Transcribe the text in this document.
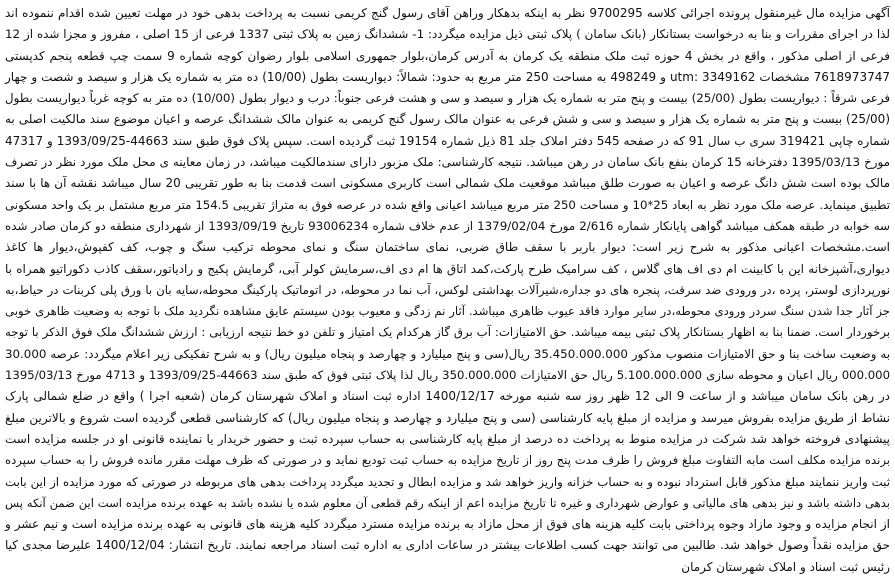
آگهی مزایده مال غیرمنقول پرونده اجرائی کلاسه 9700295 نظر به اینکه بدهکار وراهن آقای رسول گنج کریمی نسبت به پرداخت بدهی خود در مهلت تعیین شده اقدام ننموده اند
لذا در اجرای مقررات و بنا به درخواست بستانکار (بانک سامان ) پلاک ثبتی ذیل مزایده میگردد: 1- ششدانگ زمین به پلاک ثبتی 1337 فرعی از 15 اصلی ، مفروز و مجزا شده از 12
فرعی از اصلی مذکور ، واقع در بخش 4 حوزه ثبت ملک منطقه یک کرمان به آدرس کرمان،بلوار جمهوری اسلامی بلوار رضوان کوچه شماره 9 سمت چپ قطعه پنجم کدپستی
7618973747 مشخصات utm: 3349162 و 498249 به مساحت 250 متر مربع به حدود: شمالاً: دیواریست بطول (10/00) ده متر به شماره یک هزار و سیصد و شصت و چهار
فرعی شرقاً : دیواریست بطول (25/00) بیست و پنج متر به شماره یک هزار و سیصد و سی و هشت فرعی جنوباً: درب و دیوار بطول (10/00) ده متر به کوچه غرباً دیواریست بطول
(25/00) بیست و پنج متر به شماره یک هزار و سیصد و سی و شش فرعی به عنوان مالک رسول گنج کریمی به عنوان مالک ششدانگ عرصه و اعیان موضوع سند مالکیت اصلی به
شماره چاپی 319421 سری ب سال 91 که در صفحه 545 دفتر املاک جلد 81 ذیل شماره 19154 ثبت گردیده است. سپس پلاک فوق طبق سند 44663-1393/09/25 و 47317
مورخ 1395/03/13 دفترخانه 15 کرمان بنفع بانک سامان در رهن میباشد. نتیجه کارشناسی: ملک مزبور دارای سندمالکیت میباشد، در زمان معاینه ی محل ملک مورد نظر در تصرف
مالک بوده است شش دانگ عرصه و اعیان به صورت طلق میباشد موقعیت ملک شمالی است کاربری مسکونی است قدمت بنا به طور تقریبی 20 سال میباشد نقشه آن ها با سند
تطبیق مینماید. عرصه ملک مورد نظر به ابعاد 25*10 و مساحت 250 متر مربع میباشد اعیانی واقع شده در عرصه فوق به متراژ تقریبی 154.5 متر مربع مشتمل بر یک واحد مسکونی
سه خوابه در طبقه همکف میباشد گواهی پایانکار شماره 2/616 مورخ 1379/02/04 از عدم خلاف شماره 93006234 تاریخ 1393/09/19 از شهرداری منطقه دو کرمان صادر شده
است.مشخصات اعیانی مذکور به شرح زیر است: دیوار باربر با سقف طاق ضربی، نمای ساختمان سنگ و نمای محوطه ترکیب سنگ و چوب، کف کفپوش،دیوار ها کاغذ
دیواری،آشپزخانه این با کابینت ام دی اف های گلاس ، کف سرامیک طرح پارکت،کمد اتاق ها ام دی اف،سرمایش کولر آبی، گرمایش پکیج و رادیاتور،سقف کاذب دکوراتیو همراه با
نورپردازی لوستر، پرده ،در ورودی ضد سرقت، پنجره های دو جداره،شیرآلات بهداشتی لوکس، آب نما در محوطه، در اتوماتیک پارکینگ محوطه،سایه بان با ورق پلی کربنات در حیاط،به
جز آثار جدا شدن سنگ سردر ورودی محوطه،در سایر موارد فاقد عیوب ظاهری میباشد. آثار نم زدگی و معیوب بودن سیستم عایق مشاهده نگردید ملک با توجه به وضعیت ظاهری خوبی
برخوردار است. ضمنا بنا به اظهار بستانکار پلاک ثبتی بیمه میباشد. حق الامتیازات: آب برق گاز هرکدام یک امتیاز و تلفن دو خط نتیجه ارزیابی : ارزش ششدانگ ملک فوق الذکر با توجه
به وضعیت ساخت بنا و حق الامتیازات منصوب مذکور 35.450.000.000 ریال(سی و پنج میلیارد و چهارصد و پنجاه میلیون ریال) و به شرح تفکیکی زیر اعلام میگردد: عرصه 30.000
000.000 ریال اعیان و محوطه سازی 5.100.000.000 ریال حق الامتیازات 350.000.000 ریال لذا پلاک ثبتی فوق که طبق سند 44663-1393/09/25 و 4713 مورخ 1395/03/13
در رهن بانک سامان میباشد و از ساعت 9 الی 12 ظهر روز سه شنبه مورخه 1400/12/17 اداره ثبت اسناد و املاک شهرستان کرمان (شعبه اجرا ) واقع در ضلع شمالی پارک
نشاط از طریق مزایده بفروش میرسد و مزایده از مبلغ پایه کارشناسی (سی و پنج میلیارد و چهارصد و پنجاه میلیون ریال) که کارشناسی قطعی گردیده است شروع و بالاترین مبلغ
پیشنهادی فروخته خواهد شد شرکت در مزایده منوط به پرداخت ده درصد از مبلغ پایه کارشناسی به حساب سپرده ثبت و حضور خریدار یا نماینده قانونی او در جلسه مزایده است
برنده مزایده مکلف است مابه التفاوت مبلغ فروش را ظرف مدت پنج روز از تاریخ مزایده به حساب ثبت تودیع نماید و در صورتی که ظرف مهلت مقرر مانده فروش را به حساب سپرده
ثبت واریز ننمایند مبلغ مذکور قابل استرداد نبوده و به حساب خزانه واریز خواهد شد و مزایده ابطال و تجدید میگردد پرداخت بدهی های مربوطه در صورتی که مورد مزایده از این بابت
بدهی داشته باشد و نیز بدهی های مالیاتی و عوارض شهرداری و غیره تا تاریخ مزایده اعم از اینکه رقم قطعی آن معلوم شده یا نشده باشد به عهده برنده مزایده است این ضمن آنکه پس
از انجام مزایده و وجود مازاد وجوه پرداختی بابت کلیه هزینه های فوق از محل مازاد به برنده مزایده مسترد میگردد کلیه هزینه های قانونی به عهده برنده مزایده است و نیم عشر و
حق مزایده نقداً وصول خواهد شد. طالبین می توانند جهت کسب اطلاعات بیشتر در ساعات اداری به اداره ثبت اسناد مراجعه نمایند. تاریخ انتشار: 1400/12/04 علیرضا مجدی کیا
رئیس ثبت اسناد و املاک شهرستان کرمان
